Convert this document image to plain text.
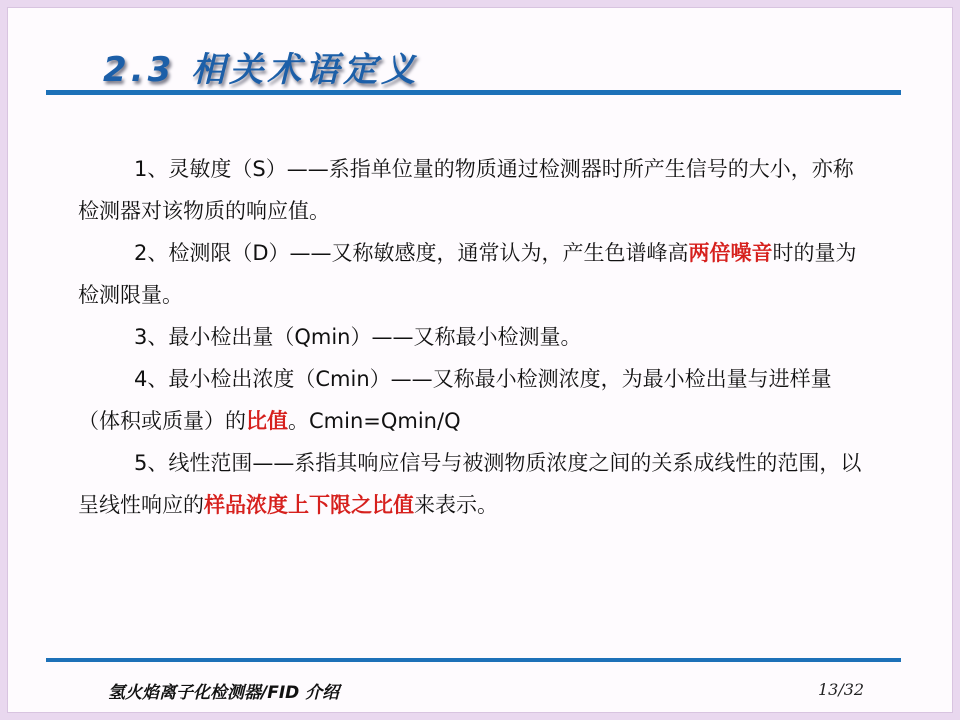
2.3 相关术语定义

1、灵敏度（S）——系指单位量的物质通过检测器时所产生信号的大小，亦称检测器对该物质的响应值。

2、检测限（D）——又称敏感度，通常认为，产生色谱峰高两倍噪音时的量为检测限量。

3、最小检出量（Qmin）——又称最小检测量。

4、最小检出浓度（Cmin）——又称最小检测浓度，为最小检出量与进样量（体积或质量）的比值。Cmin=Qmin/Q

5、线性范围——系指其响应信号与被测物质浓度之间的关系成线性的范围，以呈线性响应的样品浓度上下限之比值来表示。

氢火焰离子化检测器/FID 介绍	13/32
